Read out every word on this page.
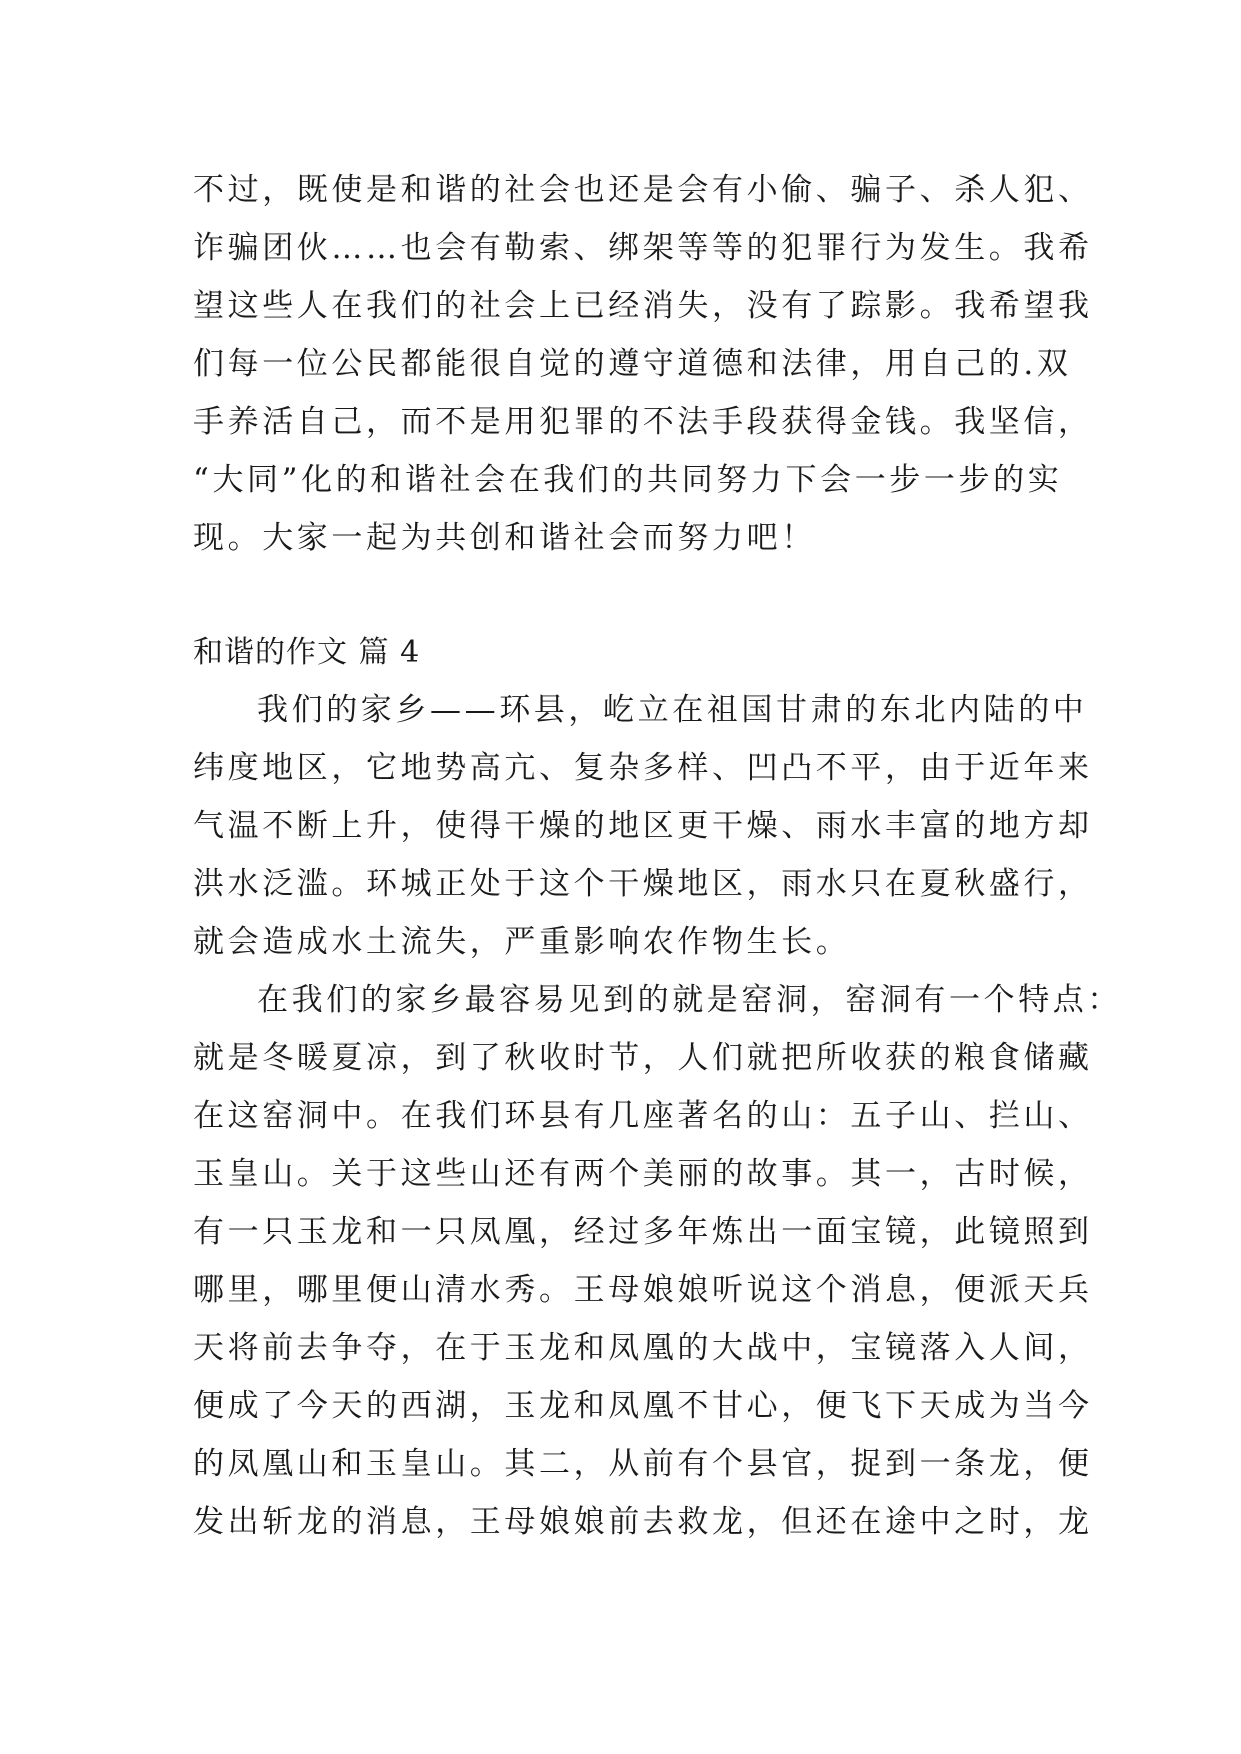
不过，既使是和谐的社会也还是会有小偷、骗子、杀人犯、
诈骗团伙……也会有勒索、绑架等等的犯罪行为发生。我希
望这些人在我们的社会上已经消失，没有了踪影。我希望我
们每一位公民都能很自觉的遵守道德和法律，用自己的.双
手养活自己，而不是用犯罪的不法手段获得金钱。我坚信，
“大同”化的和谐社会在我们的共同努力下会一步一步的实
现。大家一起为共创和谐社会而努力吧！
和谐的作文 篇 4
我们的家乡——环县，屹立在祖国甘肃的东北内陆的中
纬度地区，它地势高亢、复杂多样、凹凸不平，由于近年来
气温不断上升，使得干燥的地区更干燥、雨水丰富的地方却
洪水泛滥。环城正处于这个干燥地区，雨水只在夏秋盛行，
就会造成水土流失，严重影响农作物生长。
在我们的家乡最容易见到的就是窑洞，窑洞有一个特点：
就是冬暖夏凉，到了秋收时节，人们就把所收获的粮食储藏
在这窑洞中。在我们环县有几座著名的山：五子山、拦山、
玉皇山。关于这些山还有两个美丽的故事。其一，古时候，
有一只玉龙和一只凤凰，经过多年炼出一面宝镜，此镜照到
哪里，哪里便山清水秀。王母娘娘听说这个消息，便派天兵
天将前去争夺，在于玉龙和凤凰的大战中，宝镜落入人间，
便成了今天的西湖，玉龙和凤凰不甘心，便飞下天成为当今
的凤凰山和玉皇山。其二，从前有个县官，捉到一条龙，便
发出斩龙的消息，王母娘娘前去救龙，但还在途中之时，龙
